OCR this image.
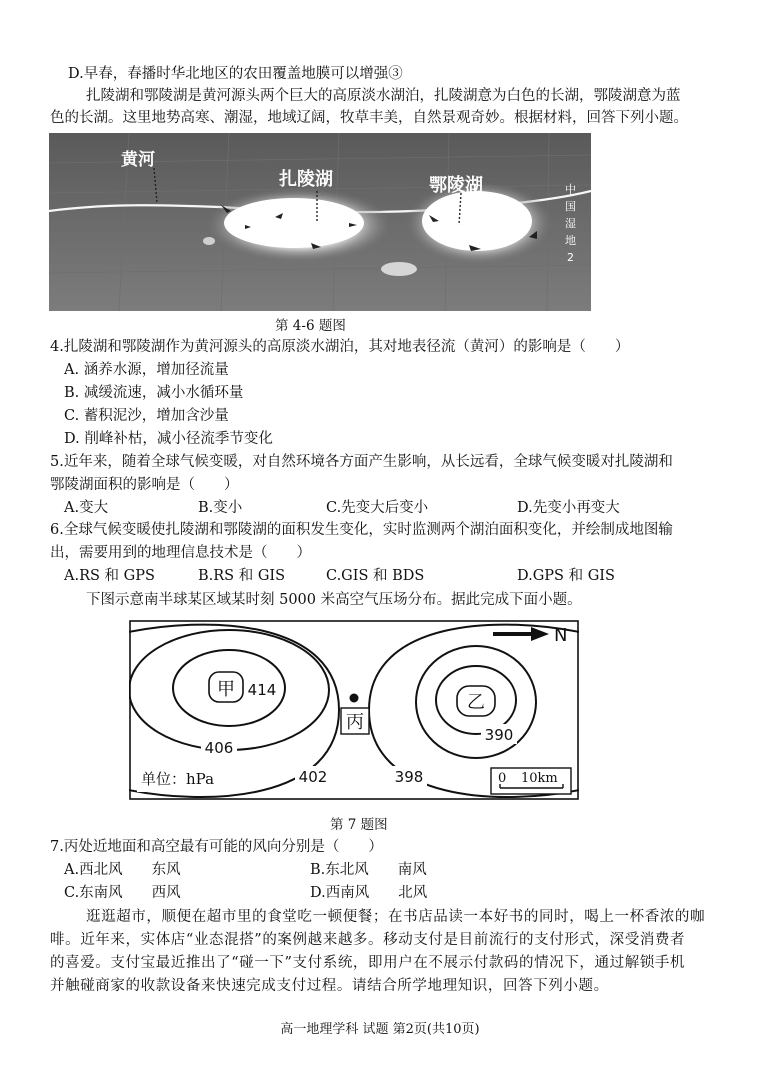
D.早春，春播时华北地区的农田覆盖地膜可以增强③
扎陵湖和鄂陵湖是黄河源头两个巨大的高原淡水湖泊，扎陵湖意为白色的长湖，鄂陵湖意为蓝
色的长湖。这里地势高寒、潮湿，地域辽阔，牧草丰美，自然景观奇妙。根据材料，回答下列小题。
黄河
扎陵湖	鄂陵湖	中
国
湿
地
2
第 4-6 题图
4.扎陵湖和鄂陵湖作为黄河源头的高原淡水湖泊，其对地表径流（黄河）的影响是（　　）
A. 涵养水源，增加径流量
B. 减缓流速，减小水循环量
C. 蓄积泥沙，增加含沙量
D. 削峰补枯，减小径流季节变化
5.近年来，随着全球气候变暖，对自然环境各方面产生影响，从长远看，全球气候变暖对扎陵湖和
鄂陵湖面积的影响是（　　）
A.变大	B.变小	C.先变大后变小	D.先变小再变大
6.全球气候变暖使扎陵湖和鄂陵湖的面积发生变化，实时监测两个湖泊面积变化，并绘制成地图输
出，需要用到的地理信息技术是（　　）
A.RS 和 GPS	B.RS 和 GIS	C.GIS 和 BDS	D.GPS 和 GIS
下图示意南半球某区域某时刻 5000 米高空气压场分布。据此完成下面小题。
甲 414
406
丙
乙
390
402	398
单位：hPa	0 10km
N
第 7 题图
7.丙处近地面和高空最有可能的风向分别是（　　）
A.西北风　　东风	B.东北风　　南风
C.东南风　　西风	D.西南风　　北风
逛逛超市，顺便在超市里的食堂吃一顿便餐；在书店品读一本好书的同时，喝上一杯香浓的咖
啡。近年来，实体店“业态混搭”的案例越来越多。移动支付是目前流行的支付形式，深受消费者
的喜爱。支付宝最近推出了“碰一下”支付系统，即用户在不展示付款码的情况下，通过解锁手机
并触碰商家的收款设备来快速完成支付过程。请结合所学地理知识，回答下列小题。
高一地理学科 试题 第2页(共10页)
